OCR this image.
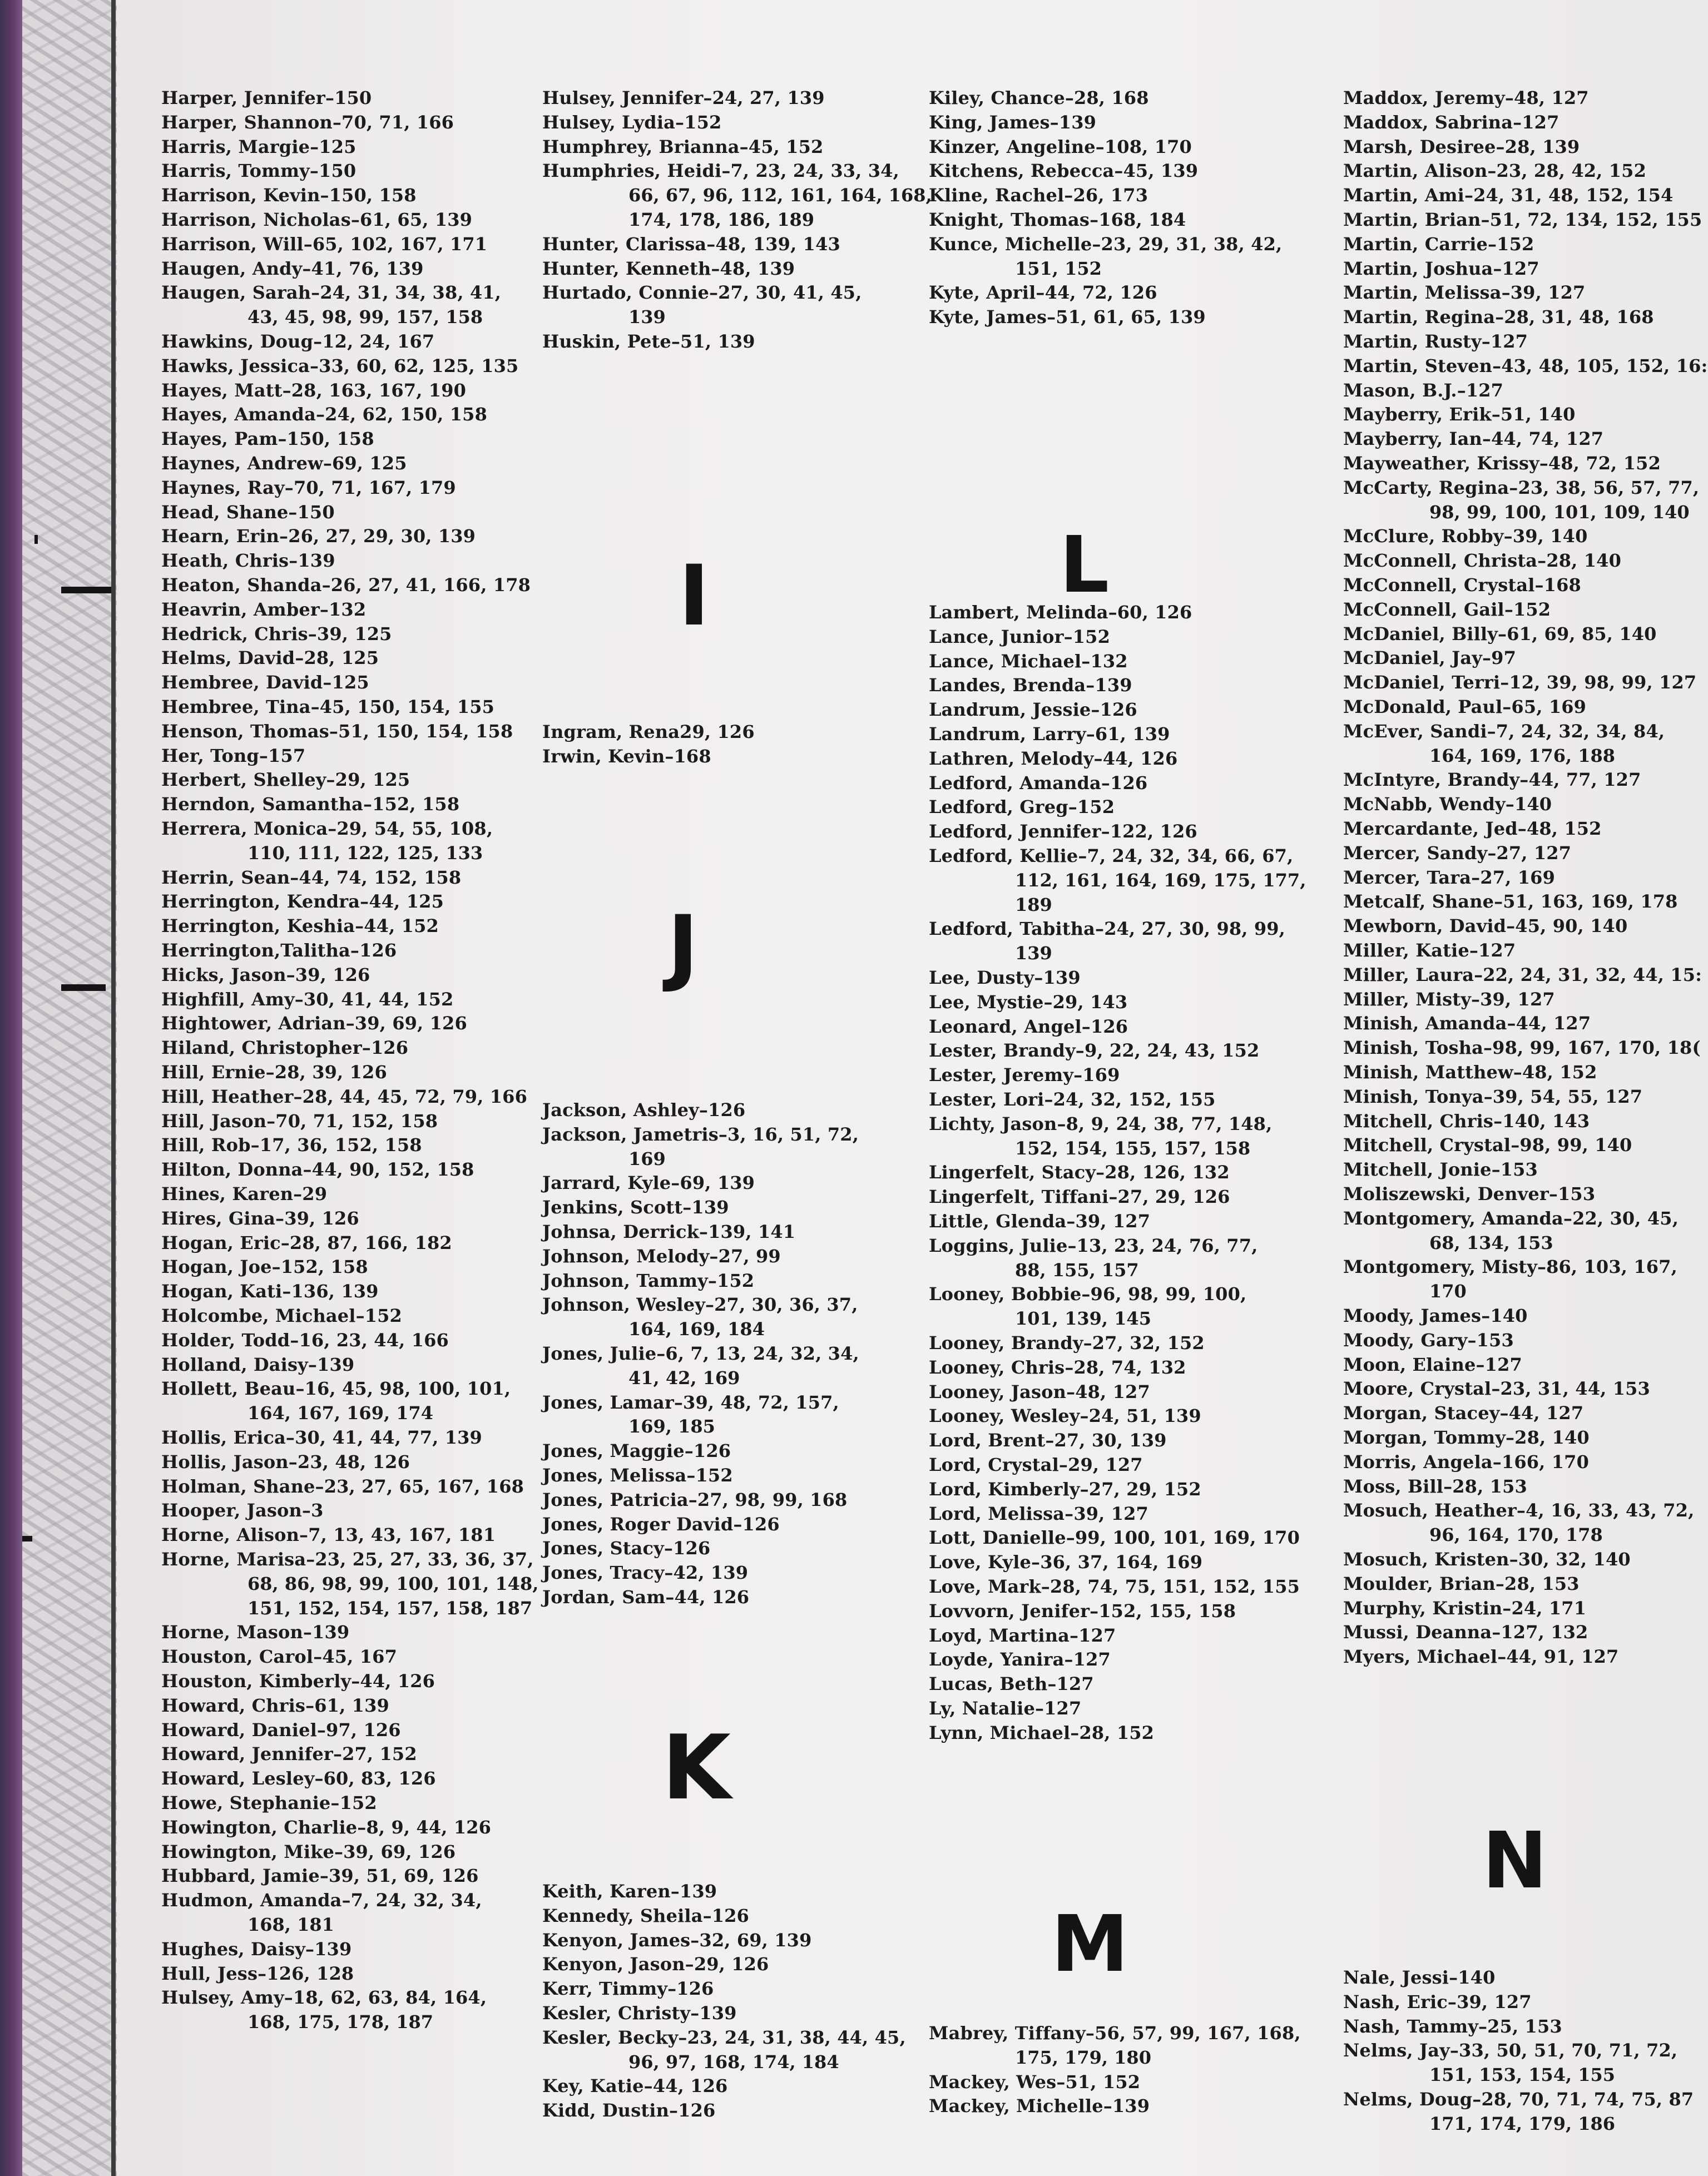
Harper, Jennifer–150
Harper, Shannon–70, 71, 166
Harris, Margie–125
Harris, Tommy–150
Harrison, Kevin–150, 158
Harrison, Nicholas–61, 65, 139
Harrison, Will–65, 102, 167, 171
Haugen, Andy–41, 76, 139
Haugen, Sarah–24, 31, 34, 38, 41,
43, 45, 98, 99, 157, 158
Hawkins, Doug–12, 24, 167
Hawks, Jessica–33, 60, 62, 125, 135
Hayes, Matt–28, 163, 167, 190
Hayes, Amanda–24, 62, 150, 158
Hayes, Pam–150, 158
Haynes, Andrew–69, 125
Haynes, Ray–70, 71, 167, 179
Head, Shane–150
Hearn, Erin–26, 27, 29, 30, 139
Heath, Chris–139
Heaton, Shanda–26, 27, 41, 166, 178
Heavrin, Amber–132
Hedrick, Chris–39, 125
Helms, David–28, 125
Hembree, David–125
Hembree, Tina–45, 150, 154, 155
Henson, Thomas–51, 150, 154, 158
Her, Tong–157
Herbert, Shelley–29, 125
Herndon, Samantha–152, 158
Herrera, Monica–29, 54, 55, 108,
110, 111, 122, 125, 133
Herrin, Sean–44, 74, 152, 158
Herrington, Kendra–44, 125
Herrington, Keshia–44, 152
Herrington,Talitha–126
Hicks, Jason–39, 126
Highfill, Amy–30, 41, 44, 152
Hightower, Adrian–39, 69, 126
Hiland, Christopher–126
Hill, Ernie–28, 39, 126
Hill, Heather–28, 44, 45, 72, 79, 166
Hill, Jason–70, 71, 152, 158
Hill, Rob–17, 36, 152, 158
Hilton, Donna–44, 90, 152, 158
Hines, Karen–29
Hires, Gina–39, 126
Hogan, Eric–28, 87, 166, 182
Hogan, Joe–152, 158
Hogan, Kati–136, 139
Holcombe, Michael–152
Holder, Todd–16, 23, 44, 166
Holland, Daisy–139
Hollett, Beau–16, 45, 98, 100, 101,
164, 167, 169, 174
Hollis, Erica–30, 41, 44, 77, 139
Hollis, Jason–23, 48, 126
Holman, Shane–23, 27, 65, 167, 168
Hooper, Jason–3
Horne, Alison–7, 13, 43, 167, 181
Horne, Marisa–23, 25, 27, 33, 36, 37,
68, 86, 98, 99, 100, 101, 148,
151, 152, 154, 157, 158, 187
Horne, Mason–139
Houston, Carol–45, 167
Houston, Kimberly–44, 126
Howard, Chris–61, 139
Howard, Daniel–97, 126
Howard, Jennifer–27, 152
Howard, Lesley–60, 83, 126
Howe, Stephanie–152
Howington, Charlie–8, 9, 44, 126
Howington, Mike–39, 69, 126
Hubbard, Jamie–39, 51, 69, 126
Hudmon, Amanda–7, 24, 32, 34,
168, 181
Hughes, Daisy–139
Hull, Jess–126, 128
Hulsey, Amy–18, 62, 63, 84, 164,
168, 175, 178, 187
Hulsey, Jennifer–24, 27, 139
Hulsey, Lydia–152
Humphrey, Brianna–45, 152
Humphries, Heidi–7, 23, 24, 33, 34,
66, 67, 96, 112, 161, 164, 168,
174, 178, 186, 189
Hunter, Clarissa–48, 139, 143
Hunter, Kenneth–48, 139
Hurtado, Connie–27, 30, 41, 45,
139
Huskin, Pete–51, 139
I
Ingram, Rena29, 126
Irwin, Kevin–168
J
Jackson, Ashley–126
Jackson, Jametris–3, 16, 51, 72,
169
Jarrard, Kyle–69, 139
Jenkins, Scott–139
Johnsa, Derrick–139, 141
Johnson, Melody–27, 99
Johnson, Tammy–152
Johnson, Wesley–27, 30, 36, 37,
164, 169, 184
Jones, Julie–6, 7, 13, 24, 32, 34,
41, 42, 169
Jones, Lamar–39, 48, 72, 157,
169, 185
Jones, Maggie–126
Jones, Melissa–152
Jones, Patricia–27, 98, 99, 168
Jones, Roger David–126
Jones, Stacy–126
Jones, Tracy–42, 139
Jordan, Sam–44, 126
K
Keith, Karen–139
Kennedy, Sheila–126
Kenyon, James–32, 69, 139
Kenyon, Jason–29, 126
Kerr, Timmy–126
Kesler, Christy–139
Kesler, Becky–23, 24, 31, 38, 44, 45,
96, 97, 168, 174, 184
Key, Katie–44, 126
Kidd, Dustin–126
Kiley, Chance–28, 168
King, James–139
Kinzer, Angeline–108, 170
Kitchens, Rebecca–45, 139
Kline, Rachel–26, 173
Knight, Thomas–168, 184
Kunce, Michelle–23, 29, 31, 38, 42,
151, 152
Kyte, April–44, 72, 126
Kyte, James–51, 61, 65, 139
L
Lambert, Melinda–60, 126
Lance, Junior–152
Lance, Michael–132
Landes, Brenda–139
Landrum, Jessie–126
Landrum, Larry–61, 139
Lathren, Melody–44, 126
Ledford, Amanda–126
Ledford, Greg–152
Ledford, Jennifer–122, 126
Ledford, Kellie–7, 24, 32, 34, 66, 67,
112, 161, 164, 169, 175, 177,
189
Ledford, Tabitha–24, 27, 30, 98, 99,
139
Lee, Dusty–139
Lee, Mystie–29, 143
Leonard, Angel–126
Lester, Brandy–9, 22, 24, 43, 152
Lester, Jeremy–169
Lester, Lori–24, 32, 152, 155
Lichty, Jason–8, 9, 24, 38, 77, 148,
152, 154, 155, 157, 158
Lingerfelt, Stacy–28, 126, 132
Lingerfelt, Tiffani–27, 29, 126
Little, Glenda–39, 127
Loggins, Julie–13, 23, 24, 76, 77,
88, 155, 157
Looney, Bobbie–96, 98, 99, 100,
101, 139, 145
Looney, Brandy–27, 32, 152
Looney, Chris–28, 74, 132
Looney, Jason–48, 127
Looney, Wesley–24, 51, 139
Lord, Brent–27, 30, 139
Lord, Crystal–29, 127
Lord, Kimberly–27, 29, 152
Lord, Melissa–39, 127
Lott, Danielle–99, 100, 101, 169, 170
Love, Kyle–36, 37, 164, 169
Love, Mark–28, 74, 75, 151, 152, 155
Lovvorn, Jenifer–152, 155, 158
Loyd, Martina–127
Loyde, Yanira–127
Lucas, Beth–127
Ly, Natalie–127
Lynn, Michael–28, 152
M
Mabrey, Tiffany–56, 57, 99, 167, 168,
175, 179, 180
Mackey, Wes–51, 152
Mackey, Michelle–139
Maddox, Jeremy–48, 127
Maddox, Sabrina–127
Marsh, Desiree–28, 139
Martin, Alison–23, 28, 42, 152
Martin, Ami–24, 31, 48, 152, 154
Martin, Brian–51, 72, 134, 152, 155
Martin, Carrie–152
Martin, Joshua–127
Martin, Melissa–39, 127
Martin, Regina–28, 31, 48, 168
Martin, Rusty–127
Martin, Steven–43, 48, 105, 152, 16:
Mason, B.J.–127
Mayberry, Erik–51, 140
Mayberry, Ian–44, 74, 127
Mayweather, Krissy–48, 72, 152
McCarty, Regina–23, 38, 56, 57, 77,
98, 99, 100, 101, 109, 140
McClure, Robby–39, 140
McConnell, Christa–28, 140
McConnell, Crystal–168
McConnell, Gail–152
McDaniel, Billy–61, 69, 85, 140
McDaniel, Jay–97
McDaniel, Terri–12, 39, 98, 99, 127
McDonald, Paul–65, 169
McEver, Sandi–7, 24, 32, 34, 84,
164, 169, 176, 188
McIntyre, Brandy–44, 77, 127
McNabb, Wendy–140
Mercardante, Jed–48, 152
Mercer, Sandy–27, 127
Mercer, Tara–27, 169
Metcalf, Shane–51, 163, 169, 178
Mewborn, David–45, 90, 140
Miller, Katie–127
Miller, Laura–22, 24, 31, 32, 44, 15:
Miller, Misty–39, 127
Minish, Amanda–44, 127
Minish, Tosha–98, 99, 167, 170, 18(
Minish, Matthew–48, 152
Minish, Tonya–39, 54, 55, 127
Mitchell, Chris–140, 143
Mitchell, Crystal–98, 99, 140
Mitchell, Jonie–153
Moliszewski, Denver–153
Montgomery, Amanda–22, 30, 45,
68, 134, 153
Montgomery, Misty–86, 103, 167,
170
Moody, James–140
Moody, Gary–153
Moon, Elaine–127
Moore, Crystal–23, 31, 44, 153
Morgan, Stacey–44, 127
Morgan, Tommy–28, 140
Morris, Angela–166, 170
Moss, Bill–28, 153
Mosuch, Heather–4, 16, 33, 43, 72,
96, 164, 170, 178
Mosuch, Kristen–30, 32, 140
Moulder, Brian–28, 153
Murphy, Kristin–24, 171
Mussi, Deanna–127, 132
Myers, Michael–44, 91, 127
N
Nale, Jessi–140
Nash, Eric–39, 127
Nash, Tammy–25, 153
Nelms, Jay–33, 50, 51, 70, 71, 72,
151, 153, 154, 155
Nelms, Doug–28, 70, 71, 74, 75, 87
171, 174, 179, 186
